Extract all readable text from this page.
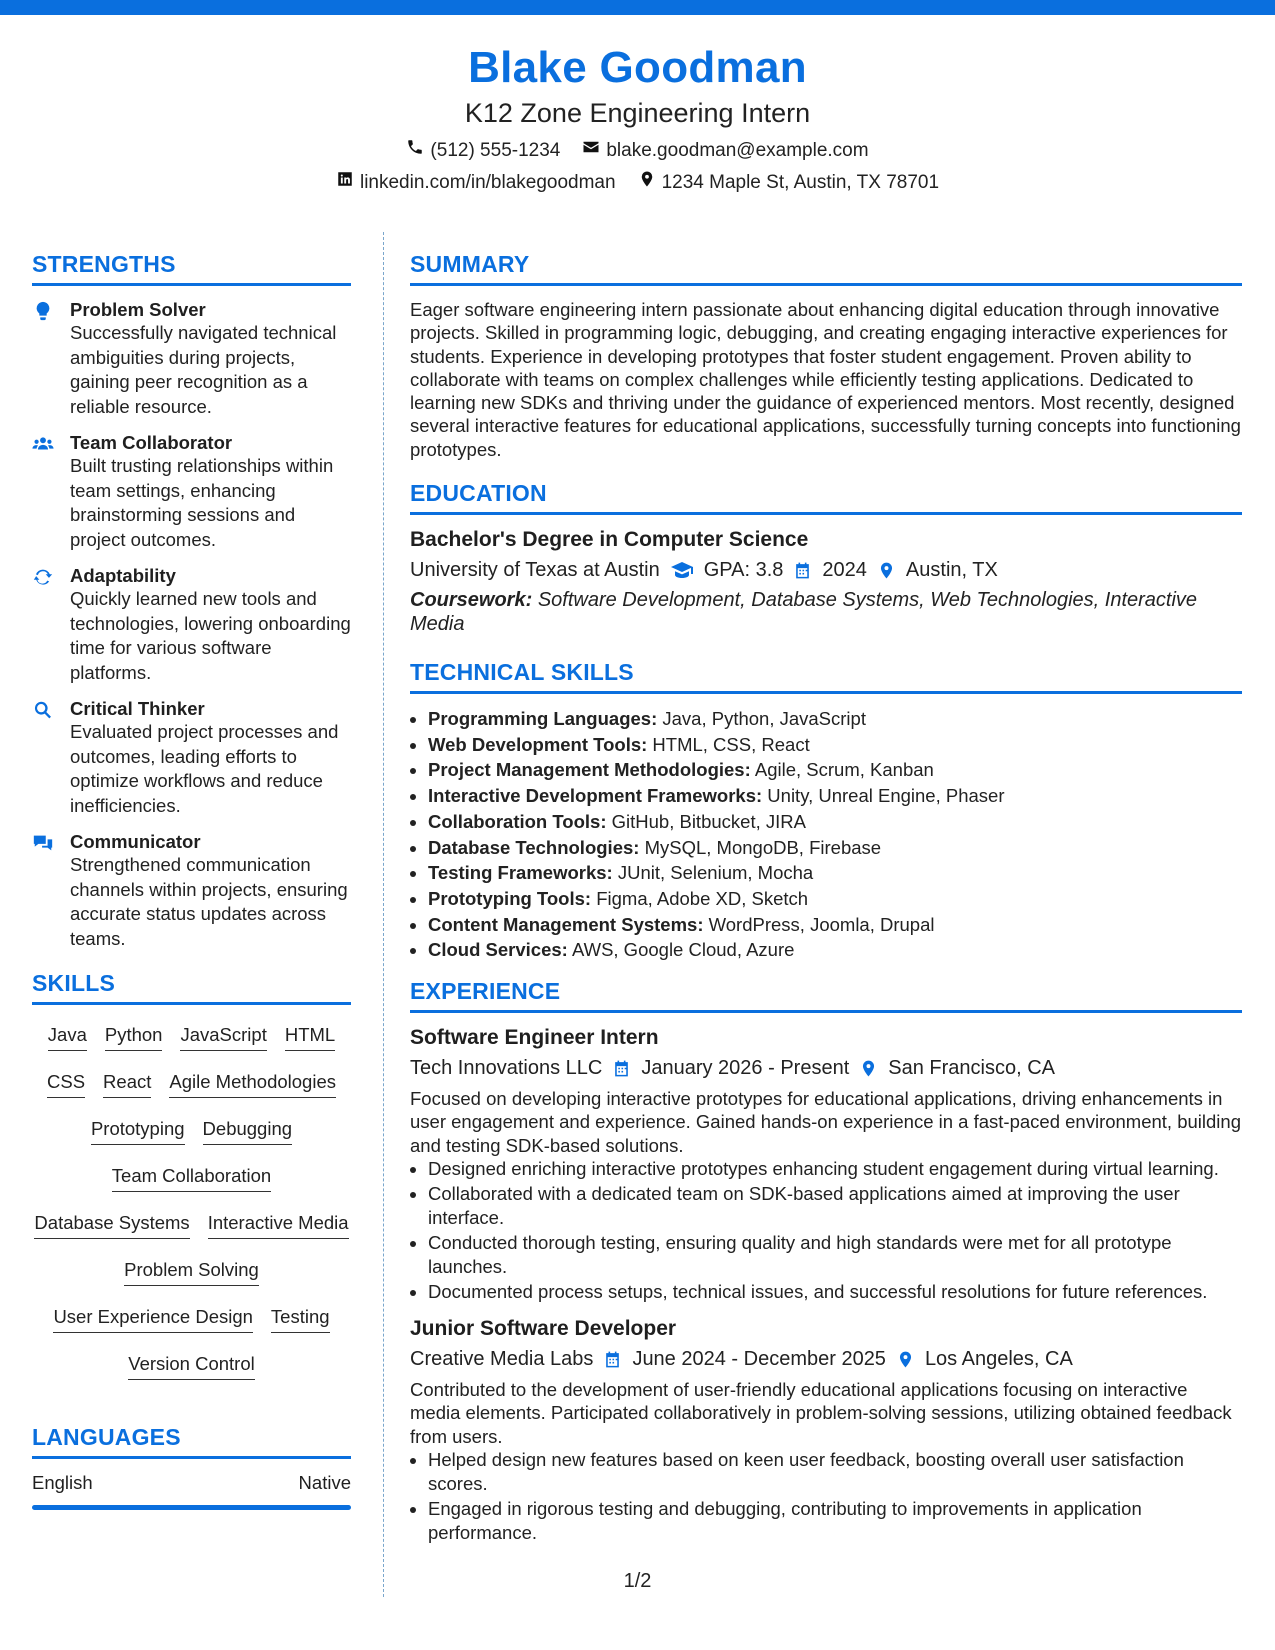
Blake Goodman
K12 Zone Engineering Intern
(512) 555-1234 blake.goodman@example.com
linkedin.com/in/blakegoodman 1234 Maple St, Austin, TX 78701
STRENGTHS
Problem Solver
Successfully navigated technical ambiguities during projects, gaining peer recognition as a reliable resource.
Team Collaborator
Built trusting relationships within team settings, enhancing brainstorming sessions and project outcomes.
Adaptability
Quickly learned new tools and technologies, lowering onboarding time for various software platforms.
Critical Thinker
Evaluated project processes and outcomes, leading efforts to optimize workflows and reduce inefficiencies.
Communicator
Strengthened communication channels within projects, ensuring accurate status updates across teams.
SKILLS
Java Python JavaScript HTML
CSS React Agile Methodologies
Prototyping Debugging
Team Collaboration
Database Systems Interactive Media
Problem Solving
User Experience Design Testing
Version Control
LANGUAGES
English	Native
SUMMARY
Eager software engineering intern passionate about enhancing digital education through innovative projects. Skilled in programming logic, debugging, and creating engaging interactive experiences for students. Experience in developing prototypes that foster student engagement. Proven ability to collaborate with teams on complex challenges while efficiently testing applications. Dedicated to learning new SDKs and thriving under the guidance of experienced mentors. Most recently, designed several interactive features for educational applications, successfully turning concepts into functioning prototypes.
EDUCATION
Bachelor's Degree in Computer Science
University of Texas at Austin GPA: 3.8 2024 Austin, TX
Coursework: Software Development, Database Systems, Web Technologies, Interactive Media
TECHNICAL SKILLS
• Programming Languages: Java, Python, JavaScript
• Web Development Tools: HTML, CSS, React
• Project Management Methodologies: Agile, Scrum, Kanban
• Interactive Development Frameworks: Unity, Unreal Engine, Phaser
• Collaboration Tools: GitHub, Bitbucket, JIRA
• Database Technologies: MySQL, MongoDB, Firebase
• Testing Frameworks: JUnit, Selenium, Mocha
• Prototyping Tools: Figma, Adobe XD, Sketch
• Content Management Systems: WordPress, Joomla, Drupal
• Cloud Services: AWS, Google Cloud, Azure
EXPERIENCE
Software Engineer Intern
Tech Innovations LLC January 2026 - Present San Francisco, CA
Focused on developing interactive prototypes for educational applications, driving enhancements in user engagement and experience. Gained hands-on experience in a fast-paced environment, building and testing SDK-based solutions.
• Designed enriching interactive prototypes enhancing student engagement during virtual learning.
• Collaborated with a dedicated team on SDK-based applications aimed at improving the user interface.
• Conducted thorough testing, ensuring quality and high standards were met for all prototype launches.
• Documented process setups, technical issues, and successful resolutions for future references.
Junior Software Developer
Creative Media Labs June 2024 - December 2025 Los Angeles, CA
Contributed to the development of user-friendly educational applications focusing on interactive media elements. Participated collaboratively in problem-solving sessions, utilizing obtained feedback from users.
• Helped design new features based on keen user feedback, boosting overall user satisfaction scores.
• Engaged in rigorous testing and debugging, contributing to improvements in application performance.
1/2
